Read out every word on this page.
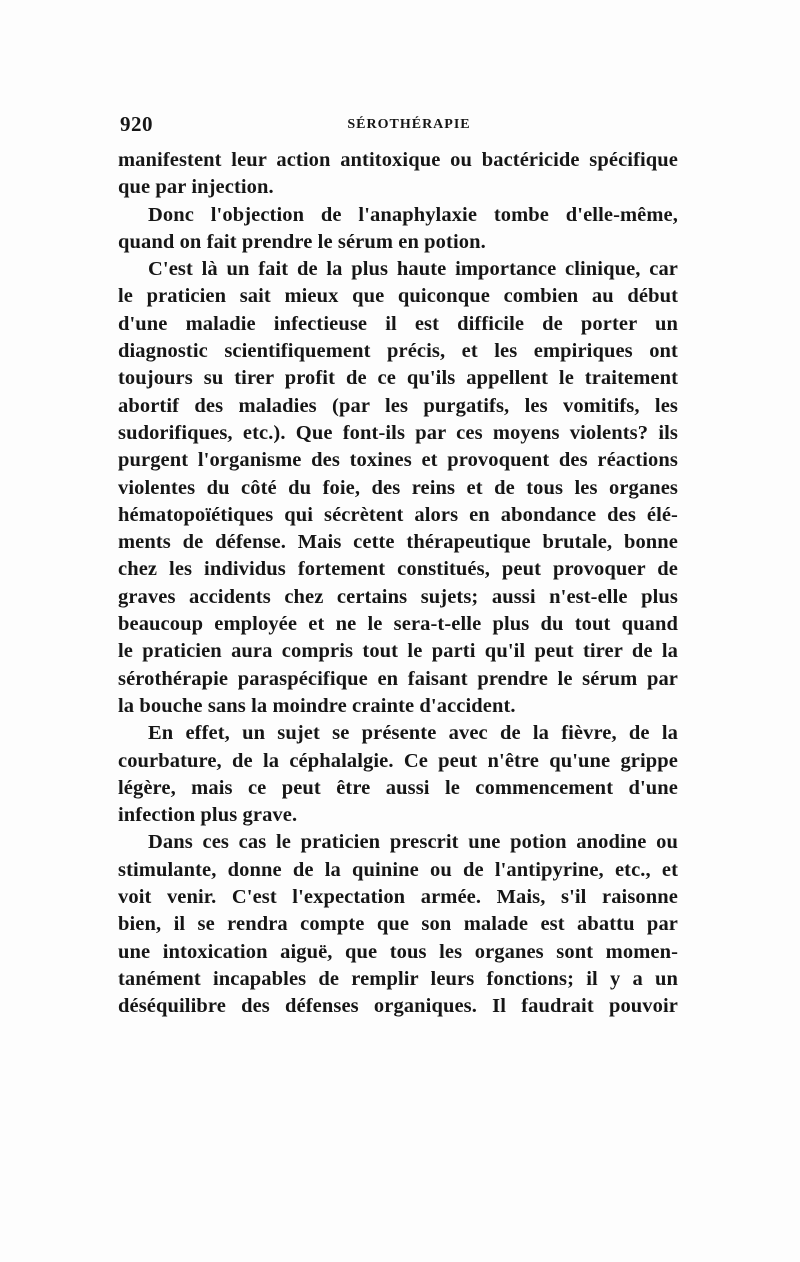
920	SÉROTHÉRAPIE
manifestent leur action antitoxique ou bactéricide spécifique
que par injection.
Donc l'objection de l'anaphylaxie tombe d'elle-même,
quand on fait prendre le sérum en potion.
C'est là un fait de la plus haute importance clinique, car
le praticien sait mieux que quiconque combien au début
d'une maladie infectieuse il est difficile de porter un
diagnostic scientifiquement précis, et les empiriques ont
toujours su tirer profit de ce qu'ils appellent le traitement
abortif des maladies (par les purgatifs, les vomitifs, les
sudorifiques, etc.). Que font-ils par ces moyens violents? ils
purgent l'organisme des toxines et provoquent des réactions
violentes du côté du foie, des reins et de tous les organes
hématopoïétiques qui sécrètent alors en abondance des élé-
ments de défense. Mais cette thérapeutique brutale, bonne
chez les individus fortement constitués, peut provoquer de
graves accidents chez certains sujets; aussi n'est-elle plus
beaucoup employée et ne le sera-t-elle plus du tout quand
le praticien aura compris tout le parti qu'il peut tirer de la
sérothérapie paraspécifique en faisant prendre le sérum par
la bouche sans la moindre crainte d'accident.
En effet, un sujet se présente avec de la fièvre, de la
courbature, de la céphalalgie. Ce peut n'être qu'une grippe
légère, mais ce peut être aussi le commencement d'une
infection plus grave.
Dans ces cas le praticien prescrit une potion anodine ou
stimulante, donne de la quinine ou de l'antipyrine, etc., et
voit venir. C'est l'expectation armée. Mais, s'il raisonne
bien, il se rendra compte que son malade est abattu par
une intoxication aiguë, que tous les organes sont momen-
tanément incapables de remplir leurs fonctions; il y a un
déséquilibre des défenses organiques. Il faudrait pouvoir
